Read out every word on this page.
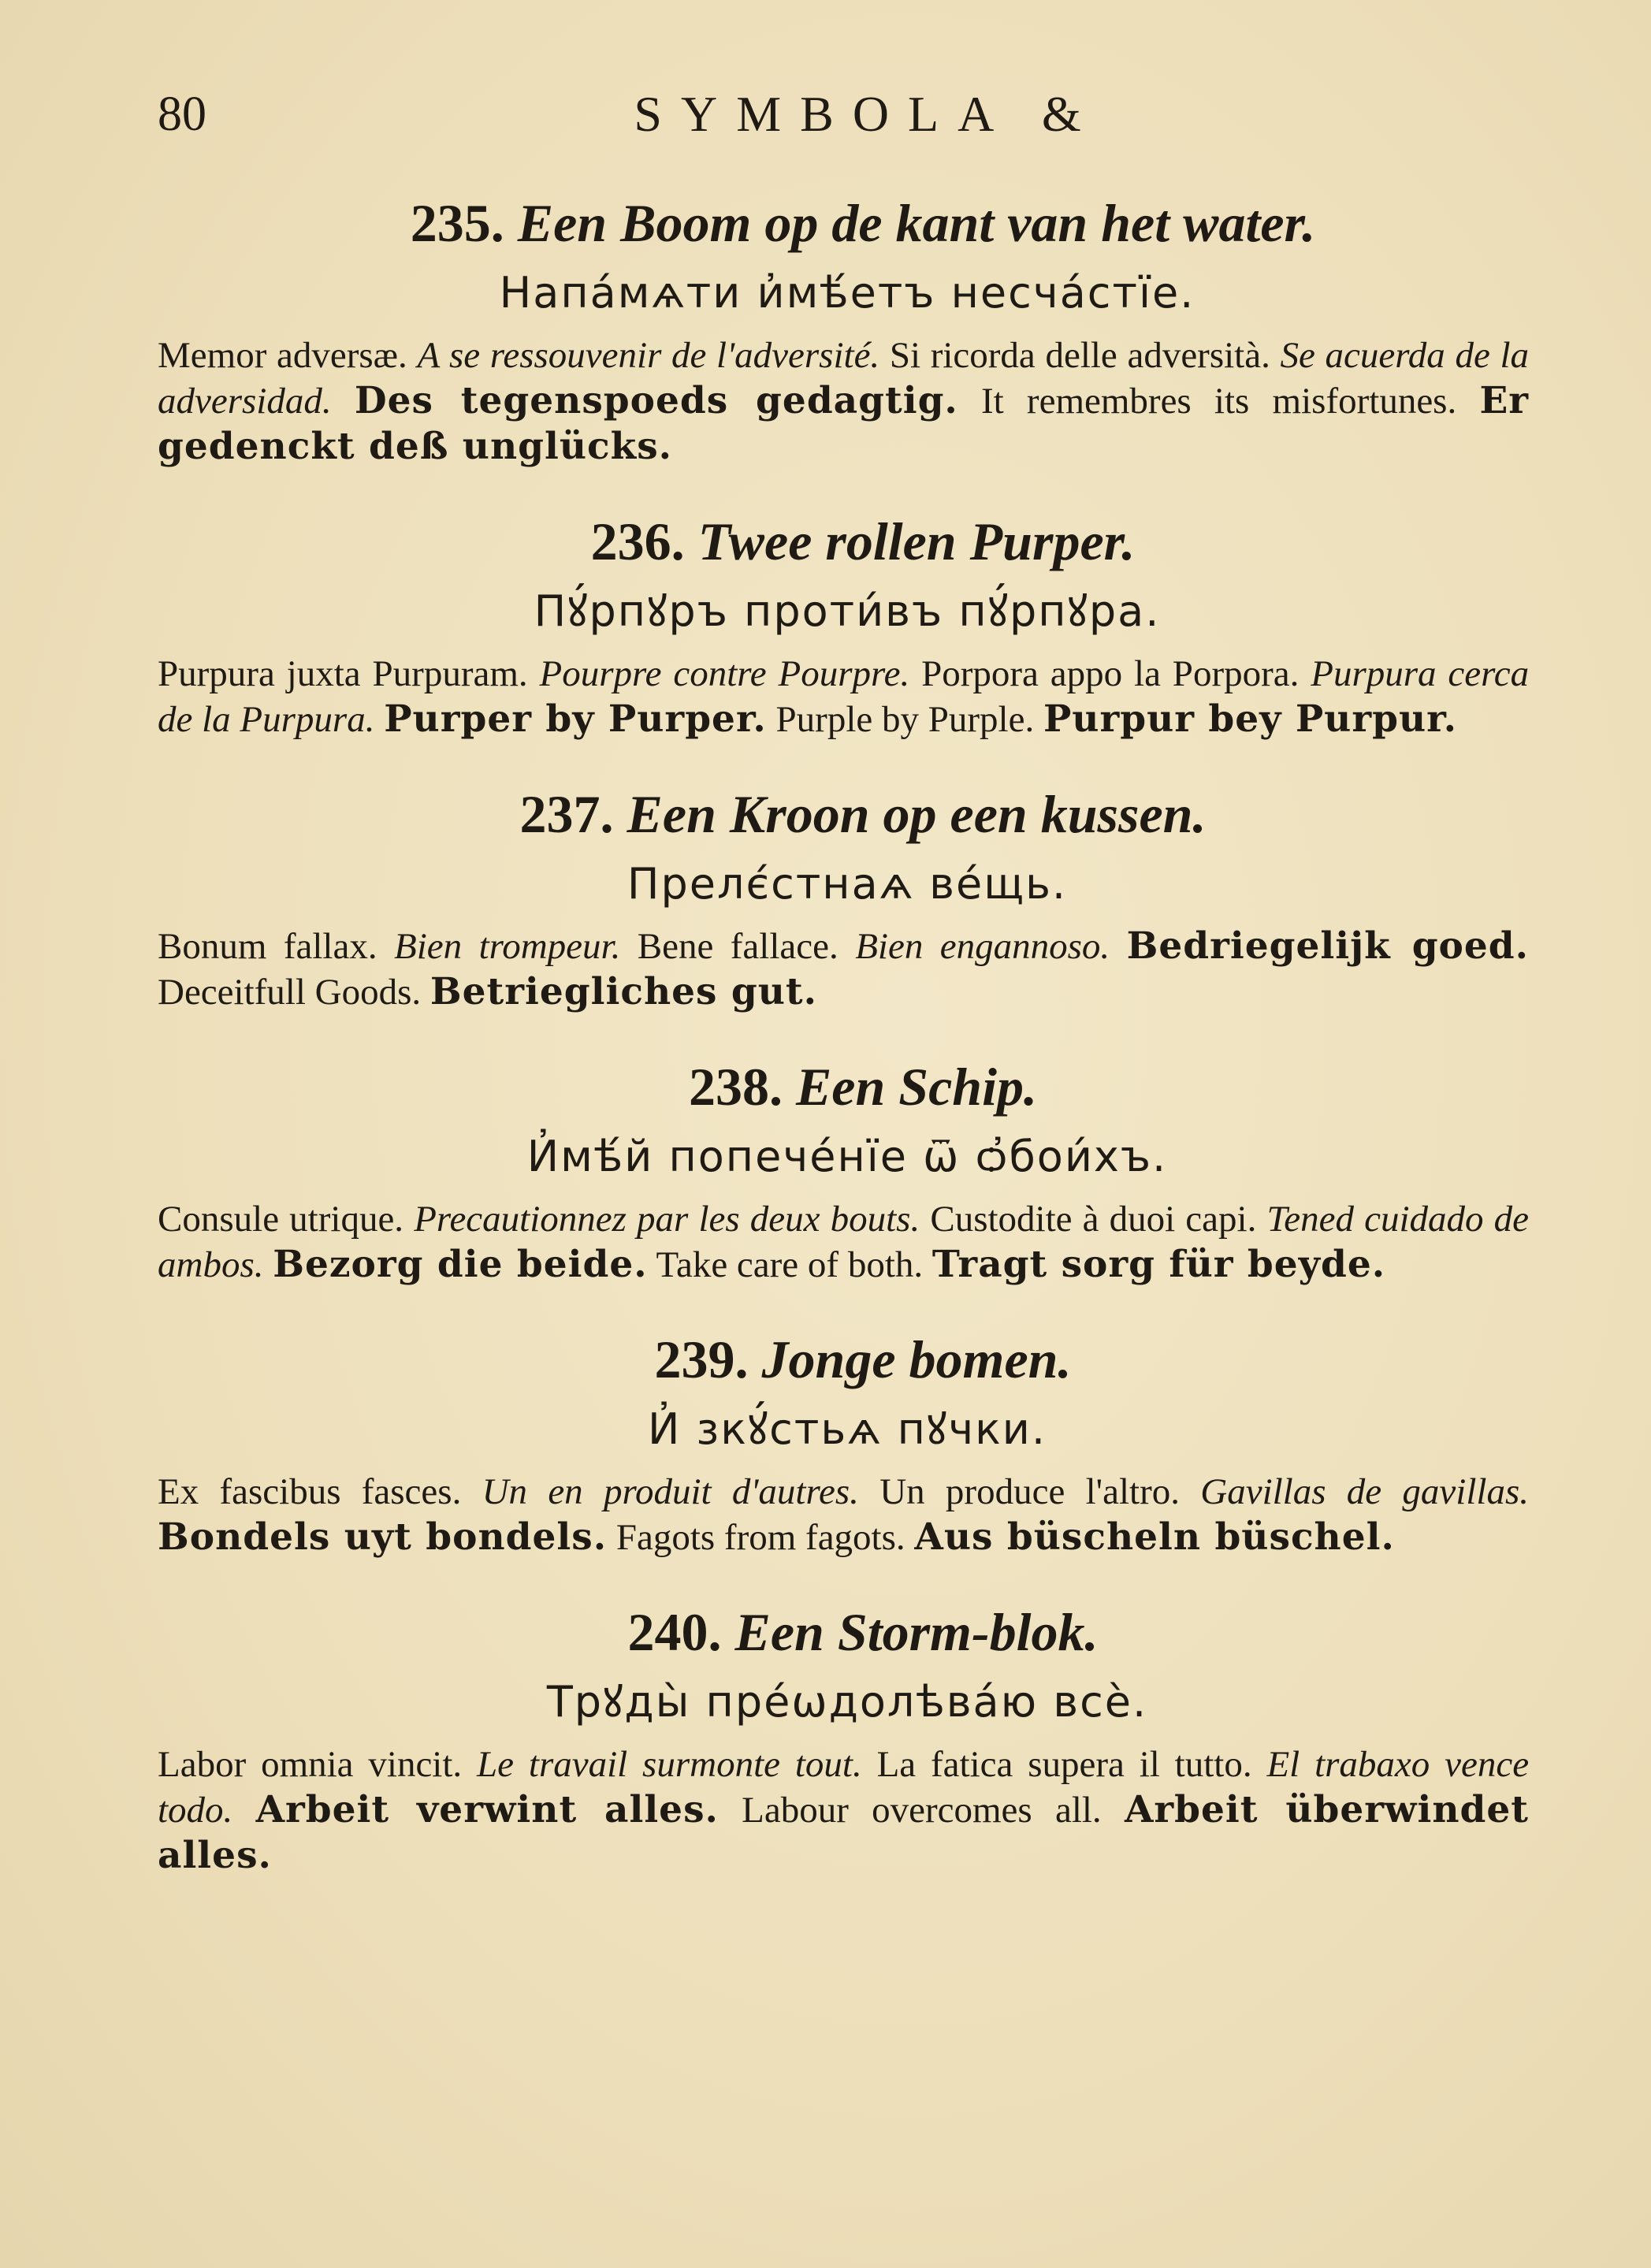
80	SYMBOLA &
235. Een Boom op de kant van het water.
Напа́мѧти и҆мѣ́етъ несча́стїе.

Memor adversæ. A se ressouvenir de l'adversité. Si ricorda delle adversità. Se acuerda de la adversidad. Des tegenspoeds gedagtig. It remembres its misfortunes. Er gedenckt deß unglücks.

236. Twee rollen Purper.
Пꙋ́рпꙋръ проти́въ пꙋ́рпꙋра.

Purpura juxta Purpuram. Pourpre contre Pourpre. Porpora appo la Porpora. Purpura cerca de la Purpura. Purper by Purper. Purple by Purple. Purpur bey Purpur.

237. Een Kroon op een kussen.
Прелє́стнаѧ ве́щь.

Bonum fallax. Bien trompeur. Bene fallace. Bien engannoso. Bedriegelijk goed. Deceitfull Goods. Betriegliches gut.

238. Een Schip.
И҆мѣ́й попече́нїе ѿ ѻ҆бои́хъ.

Consule utrique. Precautionnez par les deux bouts. Custodite à duoi capi. Tened cuidado de ambos. Bezorg die beide. Take care of both. Tragt sorg für beyde.

239. Jonge bomen.
И҆ зкꙋ́стьѧ пꙋчки.

Ex fascibus fasces. Un en produit d'autres. Un produce l'altro. Gavillas de gavillas. Bondels uyt bondels. Fagots from fagots. Aus büscheln büschel.

240. Een Storm-blok.
Трꙋды̀ пре́ѡдолѣва́ю всѐ.

Labor omnia vincit. Le travail surmonte tout. La fatica supera il tutto. El trabaxo vence todo. Arbeit verwint alles. Labour overcomes all. Arbeit überwindet alles.
